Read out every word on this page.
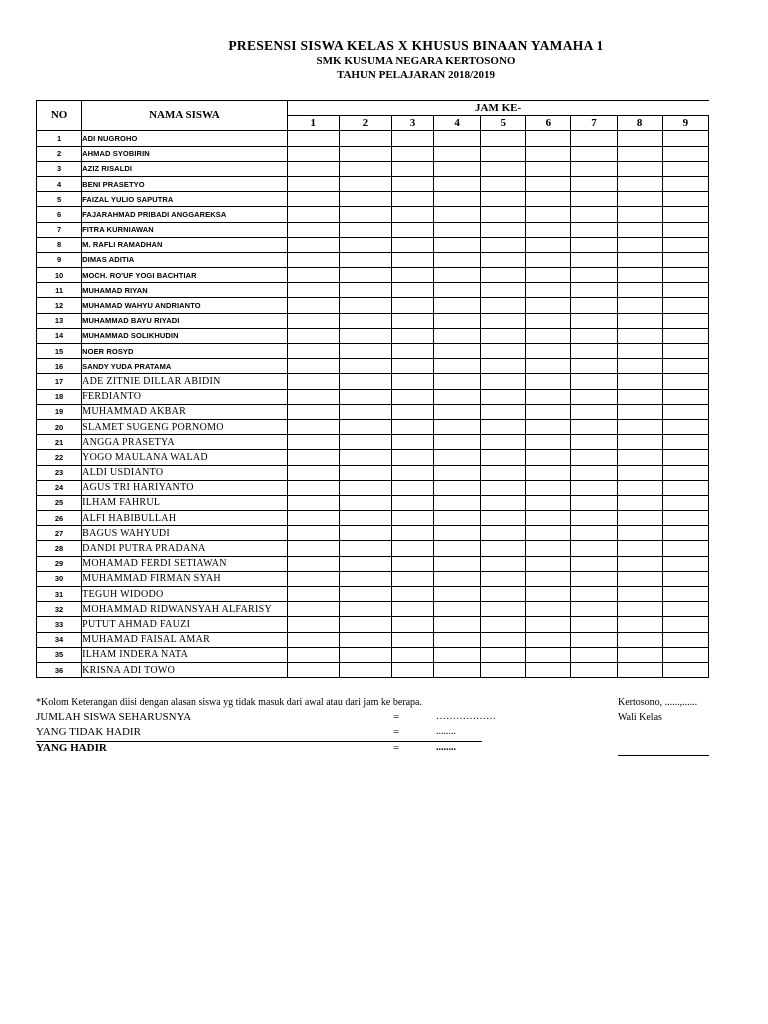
PRESENSI SISWA KELAS X KHUSUS BINAAN YAMAHA 1
SMK KUSUMA NEGARA KERTOSONO
TAHUN PELAJARAN 2018/2019
NO	NAMA SISWA	JAM KE-								
		1	2	3	4	5	6	7	8	9
1	ADI NUGROHO									
2	AHMAD SYOBIRIN									
3	AZIZ RISALDI									
4	BENI PRASETYO									
5	FAIZAL YULIO SAPUTRA									
6	FAJARAHMAD PRIBADI ANGGAREKSA									
7	FITRA KURNIAWAN									
8	M. RAFLI RAMADHAN									
9	DIMAS ADITIA									
10	MOCH. RO'UF YOGI BACHTIAR									
11	MUHAMAD RIYAN									
12	MUHAMAD WAHYU ANDRIANTO									
13	MUHAMMAD BAYU RIYADI									
14	MUHAMMAD SOLIKHUDIN									
15	NOER ROSYD									
16	SANDY YUDA PRATAMA									
17	ADE ZITNIE DILLAR ABIDIN									
18	FERDIANTO									
19	MUHAMMAD AKBAR									
20	SLAMET SUGENG PORNOMO									
21	ANGGA PRASETYA									
22	YOGO MAULANA WALAD									
23	ALDI USDIANTO									
24	AGUS TRI HARIYANTO									
25	ILHAM FAHRUL									
26	ALFI HABIBULLAH									
27	BAGUS WAHYUDI									
28	DANDI PUTRA PRADANA									
29	MOHAMAD FERDI SETIAWAN									
30	MUHAMMAD FIRMAN SYAH									
31	TEGUH WIDODO									
32	MOHAMMAD RIDWANSYAH ALFARISY									
33	PUTUT AHMAD FAUZI									
34	MUHAMAD FAISAL AMAR									
35	ILHAM INDERA NATA									
36	KRISNA ADI TOWO									
*Kolom Keterangan diisi dengan alasan siswa yg tidak masuk dari awal atau dari jam ke berapa.	Kertosono, ......,......
Wali Kelas
JUMLAH SISWA SEHARUSNYA	=	………………
YANG TIDAK HADIR	=	........
YANG HADIR	=	........
